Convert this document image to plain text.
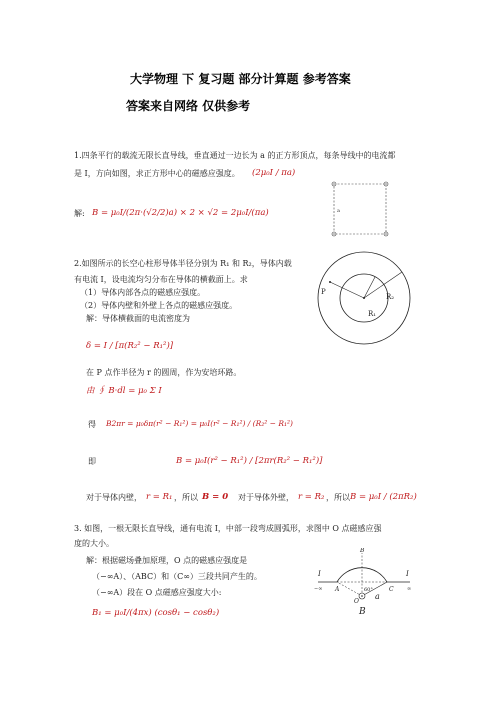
大学物理 下 复习题 部分计算题 参考答案
答案来自网络 仅供参考
1.四条平行的载流无限长直导线，垂直通过一边长为 a 的正方形顶点，每条导线中的电流都
是 I，方向如图，求正方形中心的磁感应强度。 (2μ₀I / πa)
解: B = μ₀I/(2π·(√2/2)a) × 2 × √2 = 2μ₀I/(πa)	a
2.如图所示的长空心柱形导体半径分别为 R₁ 和 R₂，导体内载
有电流 I，设电流均匀分布在导体的横截面上。求
（1）导体内部各点的磁感应强度。
（2）导体内壁和外壁上各点的磁感应强度。
解：导体横截面的电流密度为
δ = I / [π(R₂² − R₁²)]
在 P 点作半径为 r 的圆周，作为安培环路。
由 ∮ B·dl = μ₀ Σ I
得 B2πr = μ₀δπ(r² − R₁²) = μ₀I(r² − R₁²) / (R₂² − R₁²)
即	B = μ₀I(r² − R₁²) / [2πr(R₂² − R₁²)]
对于导体内壁， r = R₁ ，所以 B = 0 对于导体外壁， r = R₂ ，所以 B = μ₀I / (2πR₂)
P
R₁
R₂
3. 如图，一根无限长直导线，通有电流 I，中部一段弯成圆弧形，求图中 O 点磁感应强
度的大小。
解：根据磁场叠加原理，O 点的磁感应强度是
（−∞A）、（ABC）和（C∞）三段共同产生的。
（−∞A）段在 O 点磁感应强度大小:
B₁ = μ₀I/(4πx) (cosθ₁ − cosθ₂)
I	I
−∞	∞
A
B
C
O
60°
a
B
